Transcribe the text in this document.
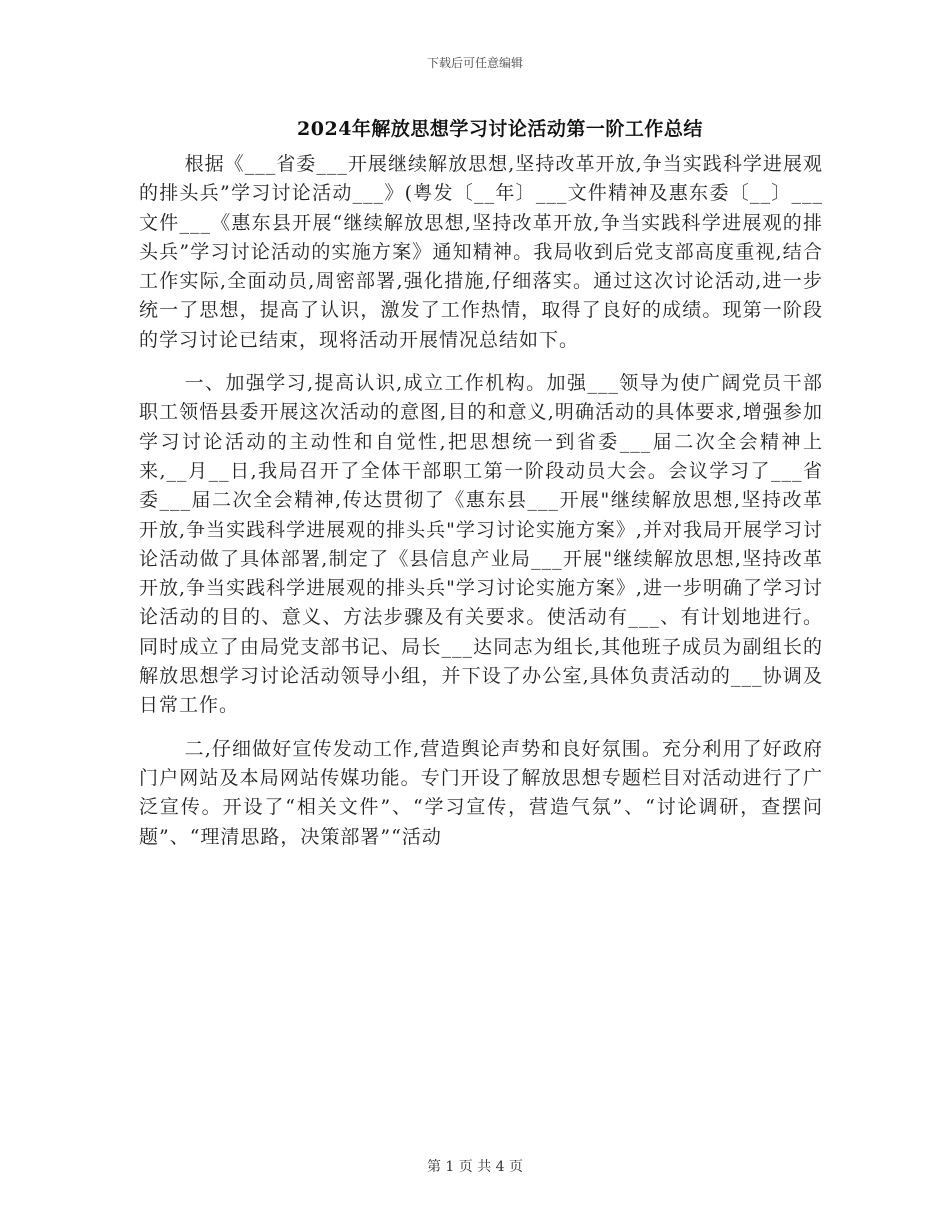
下载后可任意编辑
2024年解放思想学习讨论活动第一阶工作总结

根据《___省委___开展继续解放思想,坚持改革开放,争当实践科学进展观的排头兵”学习讨论活动___》(粤发〔__年〕___文件精神及惠东委〔__〕___文件___《惠东县开展“继续解放思想,坚持改革开放,争当实践科学进展观的排头兵”学习讨论活动的实施方案》通知精神。我局收到后党支部高度重视,结合工作实际,全面动员,周密部署,强化措施,仔细落实。通过这次讨论活动,进一步统一了思想，提高了认识，激发了工作热情，取得了良好的成绩。现第一阶段的学习讨论已结束，现将活动开展情况总结如下。

一、加强学习,提高认识,成立工作机构。加强___领导为使广阔党员干部职工领悟县委开展这次活动的意图,目的和意义,明确活动的具体要求,增强参加学习讨论活动的主动性和自觉性,把思想统一到省委___届二次全会精神上来,__月__日,我局召开了全体干部职工第一阶段动员大会。会议学习了___省委___届二次全会精神,传达贯彻了《惠东县___开展"继续解放思想,坚持改革开放,争当实践科学进展观的排头兵"学习讨论实施方案》,并对我局开展学习讨论活动做了具体部署,制定了《县信息产业局___开展"继续解放思想,坚持改革开放,争当实践科学进展观的排头兵"学习讨论实施方案》,进一步明确了学习讨论活动的目的、意义、方法步骤及有关要求。使活动有___、有计划地进行。同时成立了由局党支部书记、局长___达同志为组长,其他班子成员为副组长的解放思想学习讨论活动领导小组，并下设了办公室,具体负责活动的___协调及日常工作。

二,仔细做好宣传发动工作,营造舆论声势和良好氛围。充分利用了好政府门户网站及本局网站传媒功能。专门开设了解放思想专题栏目对活动进行了广泛宣传。开设了“相关文件”、“学习宣传，营造气氛”、“讨论调研，查摆问题”、“理清思路，决策部署”“活动

第 1 页 共 4 页
